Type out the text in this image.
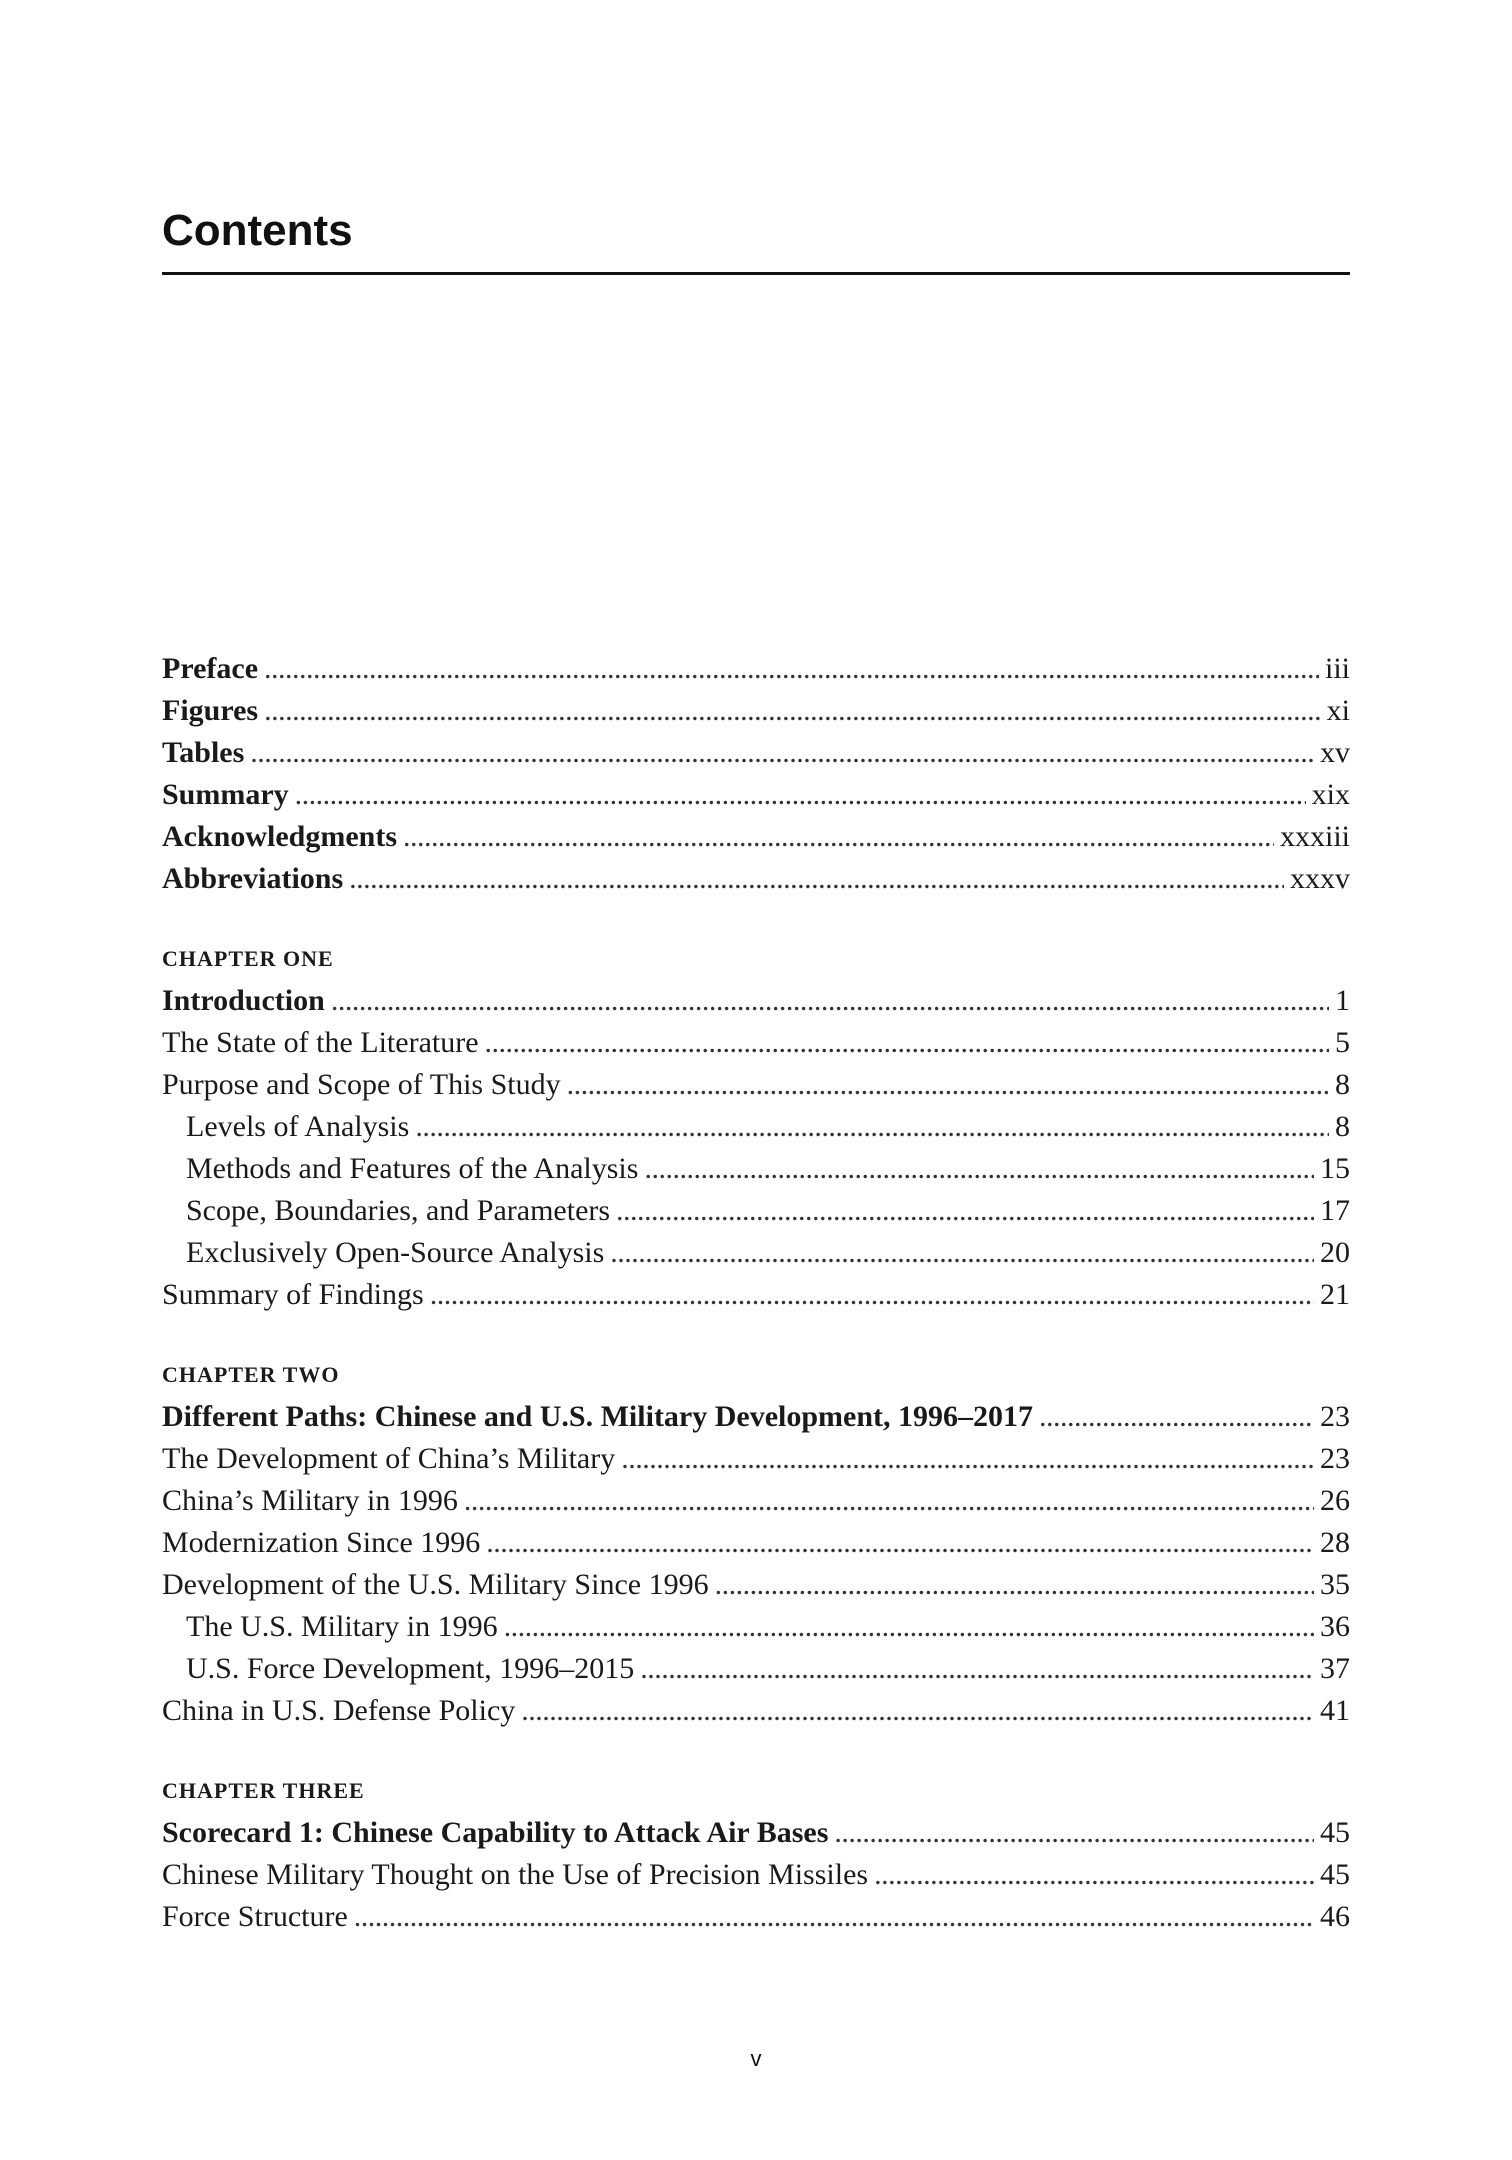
Contents
Preface . . .	iii
Figures . . .	xi
Tables . . .	xv
Summary . . .	xix
Acknowledgments . . .	xxxiii
Abbreviations . . .	xxxv
CHAPTER ONE
Introduction . . .	1
The State of the Literature . . .	5
Purpose and Scope of This Study . . .	8
Levels of Analysis . . .	8
Methods and Features of the Analysis . . .	15
Scope, Boundaries, and Parameters . . .	17
Exclusively Open-Source Analysis . . .	20
Summary of Findings . . .	21
CHAPTER TWO
Different Paths: Chinese and U.S. Military Development, 1996–2017 . . .	23
The Development of China’s Military . . .	23
China’s Military in 1996 . . .	26
Modernization Since 1996 . . .	28
Development of the U.S. Military Since 1996 . . .	35
The U.S. Military in 1996 . . .	36
U.S. Force Development, 1996–2015 . . .	37
China in U.S. Defense Policy . . .	41
CHAPTER THREE
Scorecard 1: Chinese Capability to Attack Air Bases . . .	45
Chinese Military Thought on the Use of Precision Missiles . . .	45
Force Structure . . .	46
v
